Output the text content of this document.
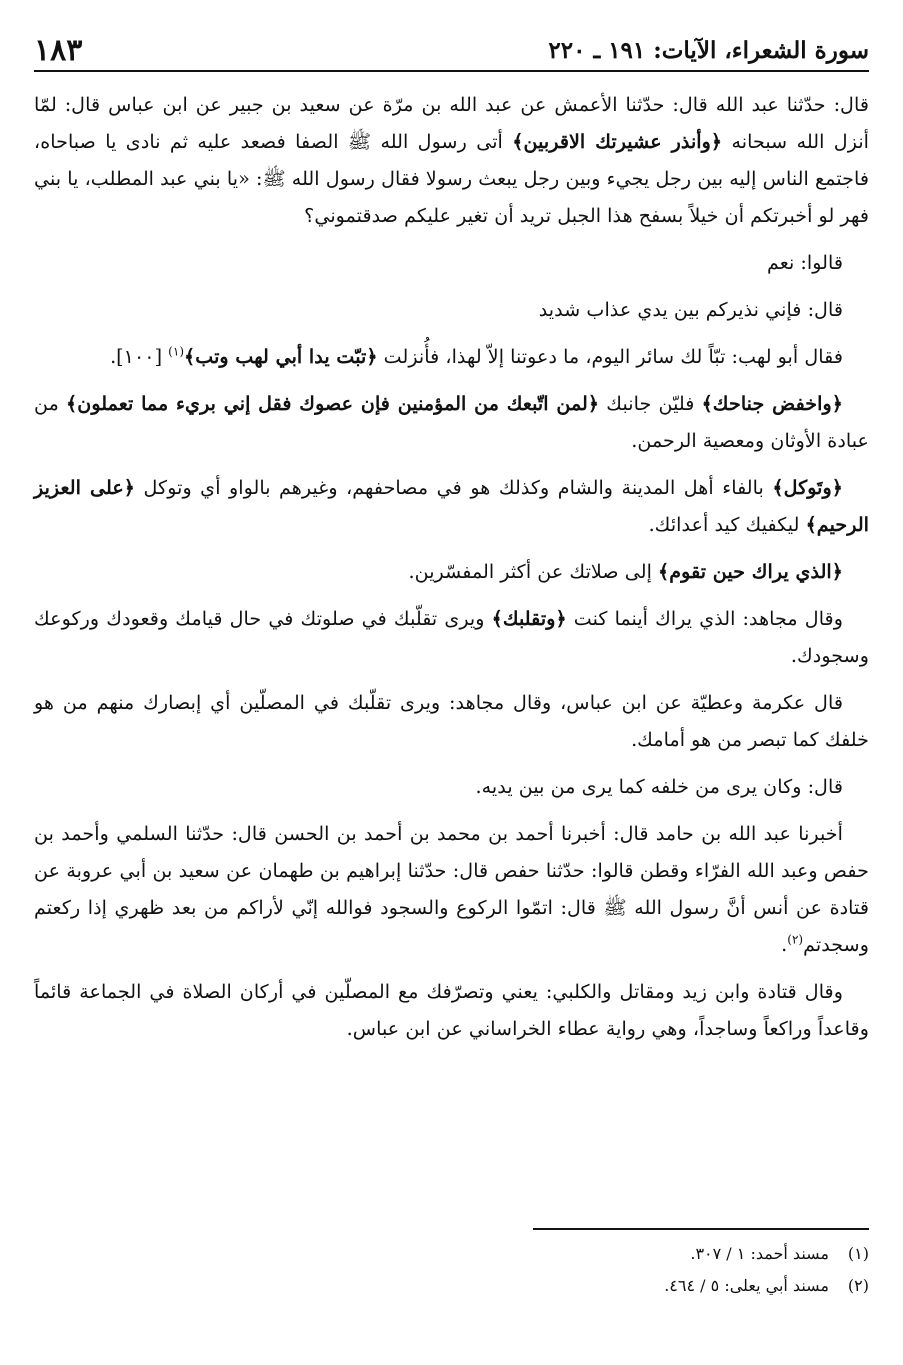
سورة الشعراء، الآيات: ١٩١ ـ ٢٢٠
١٨٣

قال: حدّثنا عبد الله قال: حدّثنا الأعمش عن عبد الله بن مرّة عن سعيد بن جبير عن ابن عباس قال: لمّا أنزل الله سبحانه ﴿وأنذر عشيرتك الاقربين﴾ أتى رسول الله ﷺ الصفا فصعد عليه ثم نادى يا صباحاه، فاجتمع الناس إليه بين رجل يجيء وبين رجل يبعث رسولا فقال رسول الله ﷺ: «يا بني عبد المطلب، يا بني فهر لو أخبرتكم أن خيلاً بسفح هذا الجبل تريد أن تغير عليكم صدقتموني؟

قالوا: نعم

قال: فإني نذيركم بين يدي عذاب شديد

فقال أبو لهب: تبّاً لك سائر اليوم، ما دعوتنا إلاّ لهذا، فأُنزلت ﴿تبّت يدا أبي لهب وتب﴾$^{(١)}$ [١٠٠].

﴿واخفض جناحك﴾ فليّن جانبك ﴿لمن اتّبعك من المؤمنين فإن عصوك فقل إني بريء مما تعملون﴾ من عبادة الأوثان ومعصية الرحمن.

﴿وتَوكل﴾ بالفاء أهل المدينة والشام وكذلك هو في مصاحفهم، وغيرهم بالواو أي وتوكل ﴿على العزيز الرحيم﴾ ليكفيك كيد أعدائك.

﴿الذي يراك حين تقوم﴾ إلى صلاتك عن أكثر المفسّرين.

وقال مجاهد: الذي يراك أينما كنت ﴿وتقلبك﴾ ويرى تقلّبك في صلوتك في حال قيامك وقعودك وركوعك وسجودك.

قال عكرمة وعطيّة عن ابن عباس، وقال مجاهد: ويرى تقلّبك في المصلّين أي إبصارك منهم من هو خلفك كما تبصر من هو أمامك.

قال: وكان يرى من خلفه كما يرى من بين يديه.

أخبرنا عبد الله بن حامد قال: أخبرنا أحمد بن محمد بن أحمد بن الحسن قال: حدّثنا السلمي وأحمد بن حفص وعبد الله الفرّاء وقطن قالوا: حدّثنا حفص قال: حدّثنا إبراهيم بن طهمان عن سعيد بن أبي عروبة عن قتادة عن أنس أنَّ رسول الله ﷺ قال: اتمّوا الركوع والسجود فوالله إنّي لأراكم من بعد ظهري إذا ركعتم وسجدتم$^{(٢)}$.

وقال قتادة وابن زيد ومقاتل والكلبي: يعني وتصرّفك مع المصلّين في أركان الصلاة في الجماعة قائماً وقاعداً وراكعاً وساجداً، وهي رواية عطاء الخراساني عن ابن عباس.

(١)
مسند أحمد: ١ / ٣٠٧.
(٢)
مسند أبي يعلى: ٥ / ٤٦٤.
